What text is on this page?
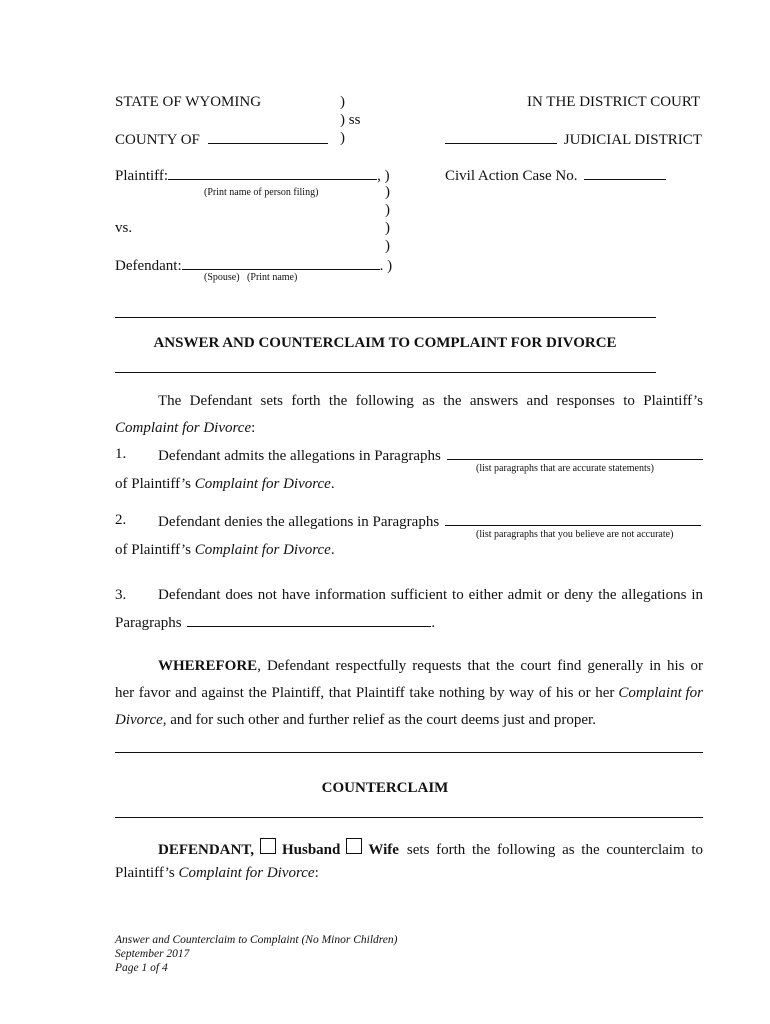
STATE OF WYOMING	)
) ss
)
IN THE DISTRICT COURT
COUNTY OF	JUDICIAL DISTRICT
Plaintiff:	, )
(Print name of person filing)
Civil Action Case No.
)
)
)
vs.
)
Defendant:	. )
(Spouse)   (Print name)
ANSWER AND COUNTERCLAIM TO COMPLAINT FOR DIVORCE
The Defendant sets forth the following as the answers and responses to Plaintiff’s
Complaint for Divorce:
1. Defendant admits the allegations in Paragraphs
(list paragraphs that are accurate statements)
of Plaintiff’s Complaint for Divorce.
2. Defendant denies the allegations in Paragraphs
(list paragraphs that you believe are not accurate)
of Plaintiff’s Complaint for Divorce.
3. Defendant does not have information sufficient to either admit or deny the allegations in
Paragraphs	.
WHEREFORE , Defendant respectfully requests that the court find generally in his or
her favor and against the Plaintiff, that Plaintiff take nothing by way of his or her Complaint for
Divorce, and for such other and further relief as the court deems just and proper.
COUNTERCLAIM
DEFENDANT, Husband Wife sets forth the following as the counterclaim to
Plaintiff’s Complaint for Divorce:
Answer and Counterclaim to Complaint (No Minor Children)
September 2017
Page 1 of 4
